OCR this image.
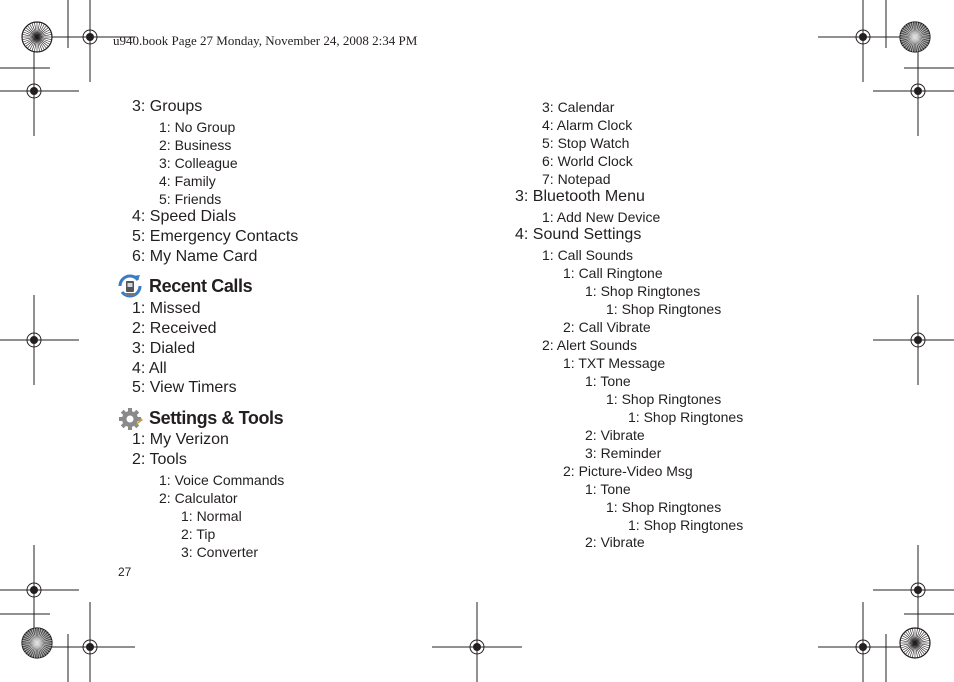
u940.book Page 27 Monday, November 24, 2008 2:34 PM
3: Groups
1: No Group
2: Business
3: Colleague
4: Family
5: Friends
4: Speed Dials
5: Emergency Contacts
6: My Name Card
Recent Calls
1: Missed
2: Received
3: Dialed
4: All
5: View Timers
Settings & Tools
1: My Verizon
2: Tools
1: Voice Commands
2: Calculator
1: Normal
2: Tip
3: Converter
3: Calendar
4: Alarm Clock
5: Stop Watch
6: World Clock
7: Notepad
3: Bluetooth Menu
1: Add New Device
4: Sound Settings
1: Call Sounds
1: Call Ringtone
1: Shop Ringtones
1: Shop Ringtones
2: Call Vibrate
2: Alert Sounds
1: TXT Message
1: Tone
1: Shop Ringtones
1: Shop Ringtones
2: Vibrate
3: Reminder
2: Picture-Video Msg
1: Tone
1: Shop Ringtones
1: Shop Ringtones
2: Vibrate
27
